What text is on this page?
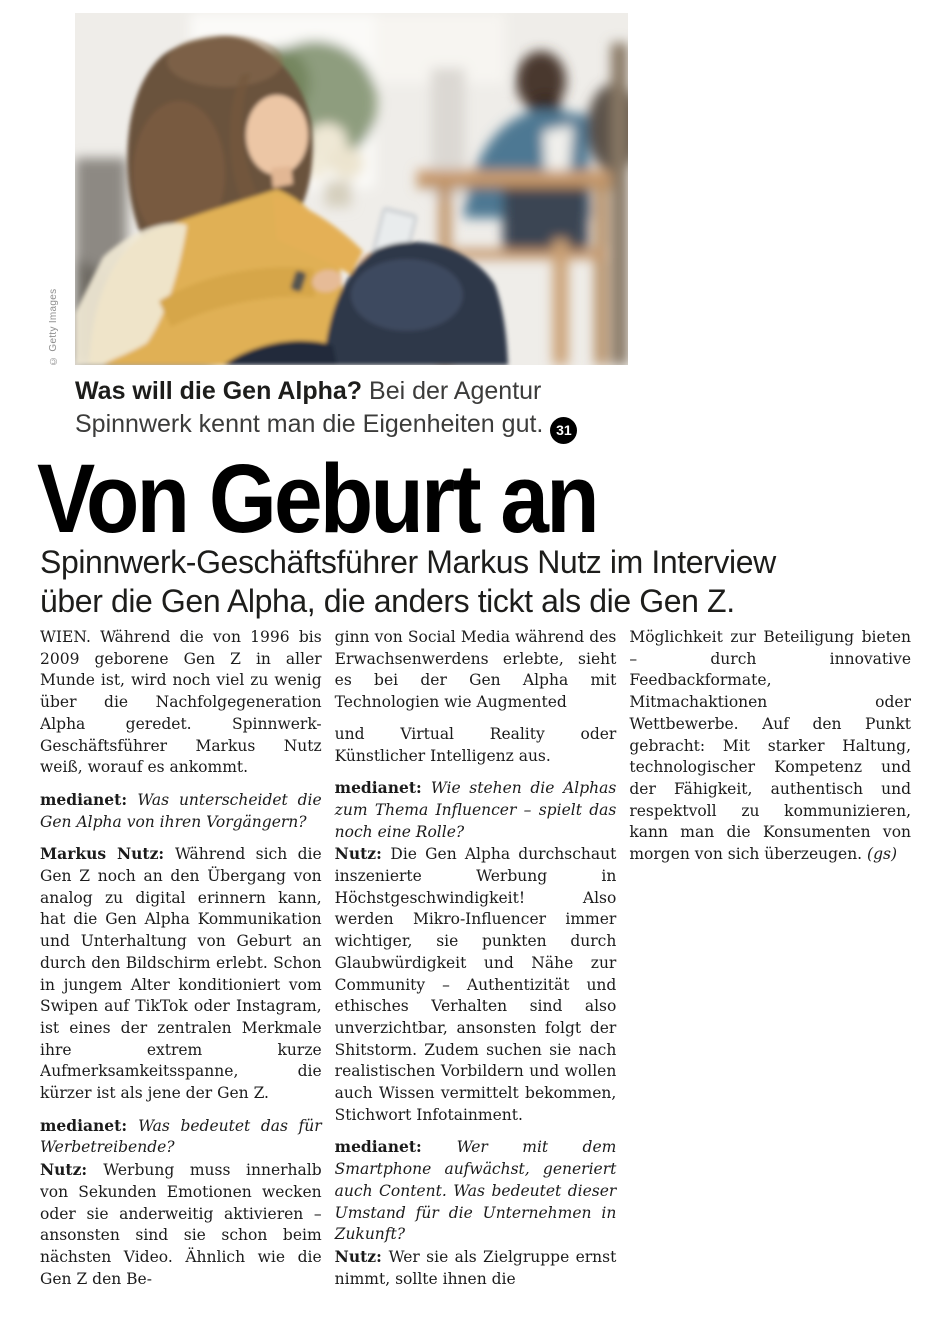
© Getty Images
Was will die Gen Alpha? Bei der Agentur
Spinnwerk kennt man die Eigenheiten gut. 31
Von Geburt an
Spinnwerk-Geschäftsführer Markus Nutz im Interview
über die Gen Alpha, die anders tickt als die Gen Z.

WIEN. Während die von 1996 bis 2009 geborene Gen Z in aller Munde ist, wird noch viel zu wenig über die Nachfolgegeneration Alpha geredet. Spinnwerk-Geschäftsführer Markus Nutz weiß, worauf es ankommt.

medianet: Was unterscheidet die Gen Alpha von ihren Vorgängern?

Markus Nutz: Während sich die Gen Z noch an den Übergang von analog zu digital erinnern kann, hat die Gen Alpha Kommunikation und Unterhaltung von Geburt an durch den Bildschirm erlebt. Schon in jungem Alter konditioniert vom Swipen auf TikTok oder Instagram, ist eines der zentralen Merkmale ihre extrem kurze Aufmerksamkeitsspanne, die kürzer ist als jene der Gen Z.

medianet: Was bedeutet das für Werbetreibende?

Nutz: Werbung muss innerhalb von Sekunden Emotionen wecken oder sie anderweitig aktivieren – ansonsten sind sie schon beim nächsten Video. Ähnlich wie die Gen Z den Be-

ginn von Social Media während des Erwachsenwerdens erlebte, sieht es bei der Gen Alpha mit Technologien wie Augmented

und Virtual Reality oder Künstlicher Intelligenz aus.

medianet: Wie stehen die Alphas zum Thema Influencer – spielt das noch eine Rolle?

Nutz: Die Gen Alpha durchschaut inszenierte Werbung in Höchstgeschwindigkeit! Also werden Mikro-Influencer immer wichtiger, sie punkten durch Glaubwürdigkeit und Nähe zur Community – Authentizität und ethisches Verhalten sind also unverzichtbar, ansonsten folgt der Shitstorm. Zudem suchen sie nach realistischen Vorbildern und wollen auch Wissen vermittelt bekommen, Stichwort Infotainment.

medianet: Wer mit dem Smartphone aufwächst, generiert auch Content. Was bedeutet dieser Umstand für die Unternehmen in Zukunft?

Nutz: Wer sie als Zielgruppe ernst nimmt, sollte ihnen die

Möglichkeit zur Beteiligung bieten – durch innovative Feedbackformate, Mitmachaktionen oder Wettbewerbe. Auf den Punkt gebracht: Mit starker Haltung, technologischer Kompetenz und der Fähigkeit, authentisch und respektvoll zu kommunizieren, kann man die Konsumenten von morgen von sich überzeugen. (gs)
